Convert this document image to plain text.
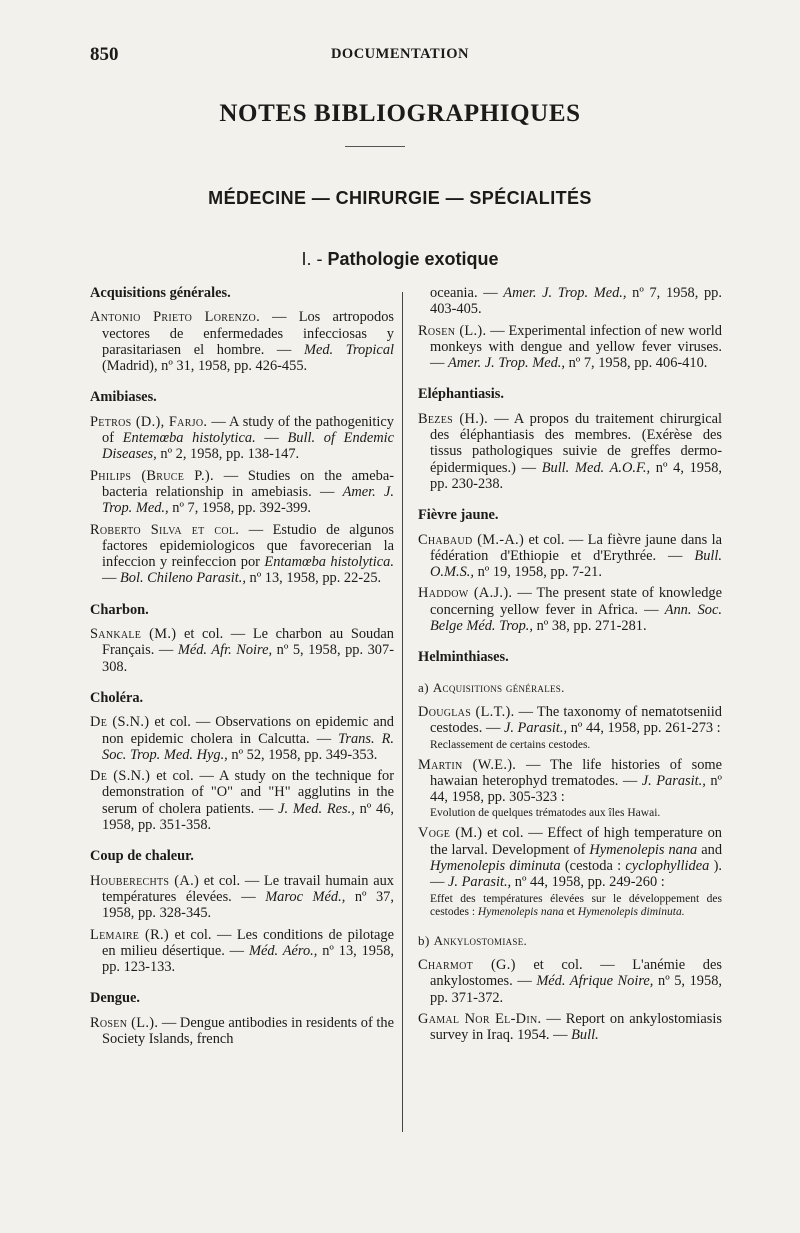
850	DOCUMENTATION
NOTES BIBLIOGRAPHIQUES
MÉDECINE — CHIRURGIE — SPÉCIALITÉS
I. - Pathologie exotique
Acquisitions générales.
Antonio Prieto Lorenzo. — Los artropodos vectores de enfermedades infecciosas y parasitariasen el hombre. — Med. Tropical (Madrid), nº 31, 1958, pp. 426-455.
Amibiases.
Petros (D.), Farjo. — A study of the pathogeniticy of Entemœba histolytica. — Bull. of Endemic Diseases, nº 2, 1958, pp. 138-147.
Philips (Bruce P.). — Studies on the ameba-bacteria relationship in amebiasis. — Amer. J. Trop. Med., nº 7, 1958, pp. 392-399.
Roberto Silva et col. — Estudio de algunos factores epidemiologicos que favorecerian la infeccion y reinfeccion por Entamœba histolytica. — Bol. Chileno Parasit., nº 13, 1958, pp. 22-25.
Charbon.
Sankale (M.) et col. — Le charbon au Soudan Français. — Méd. Afr. Noire, nº 5, 1958, pp. 307-308.
Choléra.
De (S.N.) et col. — Observations on epidemic and non epidemic cholera in Calcutta. — Trans. R. Soc. Trop. Med. Hyg., nº 52, 1958, pp. 349-353.
De (S.N.) et col. — A study on the technique for demonstration of "O" and "H" agglutins in the serum of cholera patients. — J. Med. Res., nº 46, 1958, pp. 351-358.
Coup de chaleur.
Houberechts (A.) et col. — Le travail humain aux températures élevées. — Maroc Méd., nº 37, 1958, pp. 328-345.
Lemaire (R.) et col. — Les conditions de pilotage en milieu désertique. — Méd. Aéro., nº 13, 1958, pp. 123-133.
Dengue.
Rosen (L.). — Dengue antibodies in residents of the Society Islands, french
oceania. — Amer. J. Trop. Med., nº 7, 1958, pp. 403-405.
Rosen (L.). — Experimental infection of new world monkeys with dengue and yellow fever viruses. — Amer. J. Trop. Med., nº 7, 1958, pp. 406-410.
Eléphantiasis.
Bezes (H.). — A propos du traitement chirurgical des éléphantiasis des membres. (Exérèse des tissus pathologiques suivie de greffes dermo-épidermiques.) — Bull. Med. A.O.F., nº 4, 1958, pp. 230-238.
Fièvre jaune.
Chabaud (M.-A.) et col. — La fièvre jaune dans la fédération d'Ethiopie et d'Erythrée. — Bull. O.M.S., nº 19, 1958, pp. 7-21.
Haddow (A.J.). — The present state of knowledge concerning yellow fever in Africa. — Ann. Soc. Belge Méd. Trop., nº 38, pp. 271-281.
Helminthiases.
a) Acquisitions générales.
Douglas (L.T.). — The taxonomy of nematotseniid cestodes. — J. Parasit., nº 44, 1958, pp. 261-273 :
Reclassement de certains cestodes.
Martin (W.E.). — The life histories of some hawaian heterophyd trematodes. — J. Parasit., nº 44, 1958, pp. 305-323 :
Evolution de quelques trématodes aux îles Hawai.
Voge (M.) et col. — Effect of high temperature on the larval. Development of Hymenolepis nana and Hymenolepis diminuta (cestoda : cyclophyllidea ). — J. Parasit., nº 44, 1958, pp. 249-260 :
Effet des températures élevées sur le développement des cestodes : Hymenolepis nana et Hymenolepis diminuta.
b) Ankylostomiase.
Charmot (G.) et col. — L'anémie des ankylostomes. — Méd. Afrique Noire, nº 5, 1958, pp. 371-372.
Gamal Nor El-Din. — Report on ankylostomiasis survey in Iraq. 1954. — Bull.
